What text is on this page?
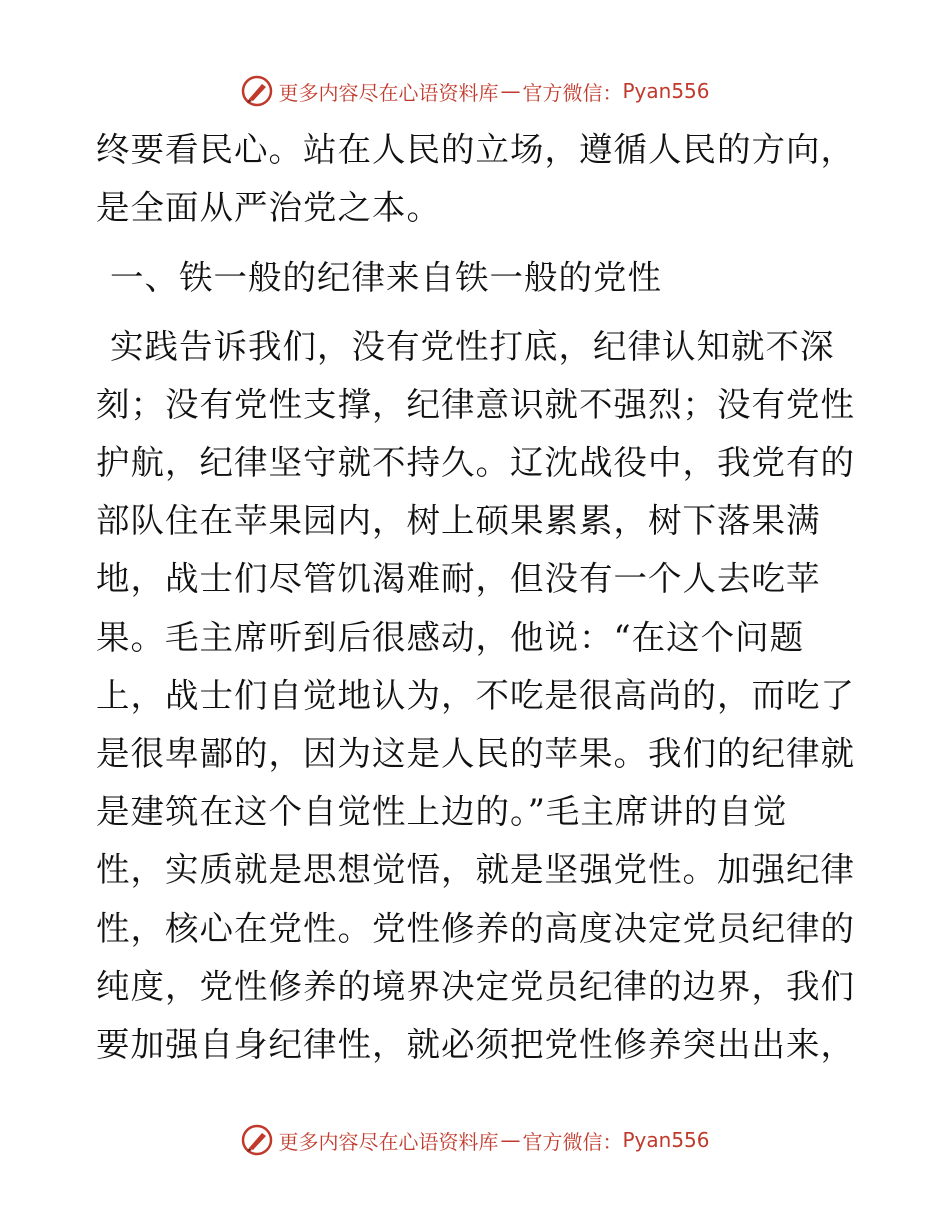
更多内容尽在心语资料库 — 官方微信： Pyan556

终要看民心。站在人民的立场，遵循人民的方向，

是全面从严治党之本。

一、铁一般的纪律来自铁一般的党性

实践告诉我们，没有党性打底，纪律认知就不深

刻；没有党性支撑，纪律意识就不强烈；没有党性

护航，纪律坚守就不持久。辽沈战役中，我党有的

部队住在苹果园内，树上硕果累累，树下落果满

地，战士们尽管饥渴难耐，但没有一个人去吃苹

果。毛主席听到后很感动，他说：“在这个问题

上，战士们自觉地认为，不吃是很高尚的，而吃了

是很卑鄙的，因为这是人民的苹果。我们的纪律就

是建筑在这个自觉性上边的。”毛主席讲的自觉

性，实质就是思想觉悟，就是坚强党性。加强纪律

性，核心在党性。党性修养的高度决定党员纪律的

纯度，党性修养的境界决定党员纪律的边界，我们

要加强自身纪律性，就必须把党性修养突出出来，

更多内容尽在心语资料库 — 官方微信： Pyan556
